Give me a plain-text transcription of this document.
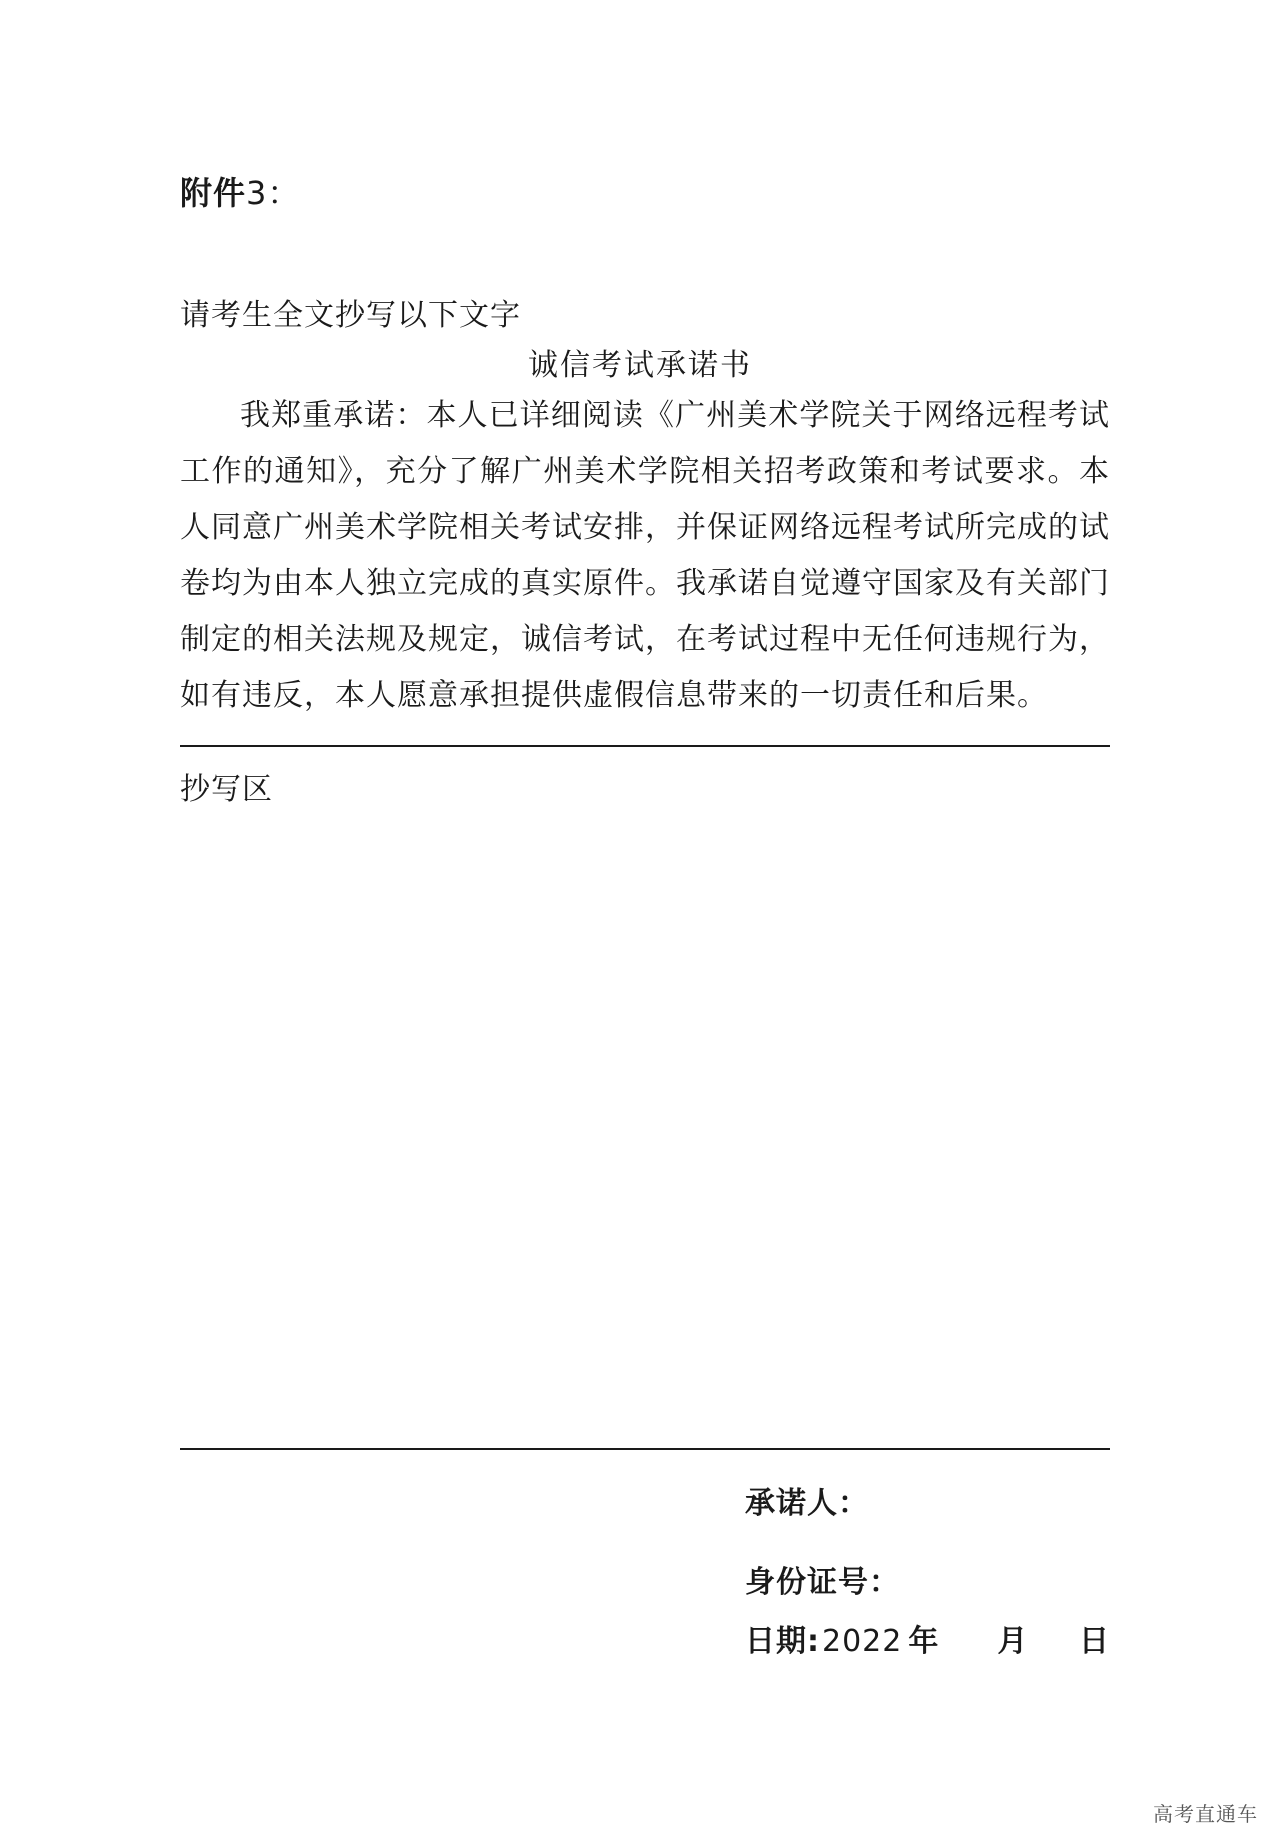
附件3：
请考生全文抄写以下文字
诚信考试承诺书

我郑重承诺：本人已详细阅读《广州美术学院关于网络远程考试工作的通知》，充分了解广州美术学院相关招考政策和考试要求。本人同意广州美术学院相关考试安排，并保证网络远程考试所完成的试卷均为由本人独立完成的真实原件。我承诺自觉遵守国家及有关部门制定的相关法规及规定，诚信考试，在考试过程中无任何违规行为，如有违反，本人愿意承担提供虚假信息带来的一切责任和后果。

抄写区
承诺人：
身份证号：
日期: 2022 年 月 日
高考直通车
